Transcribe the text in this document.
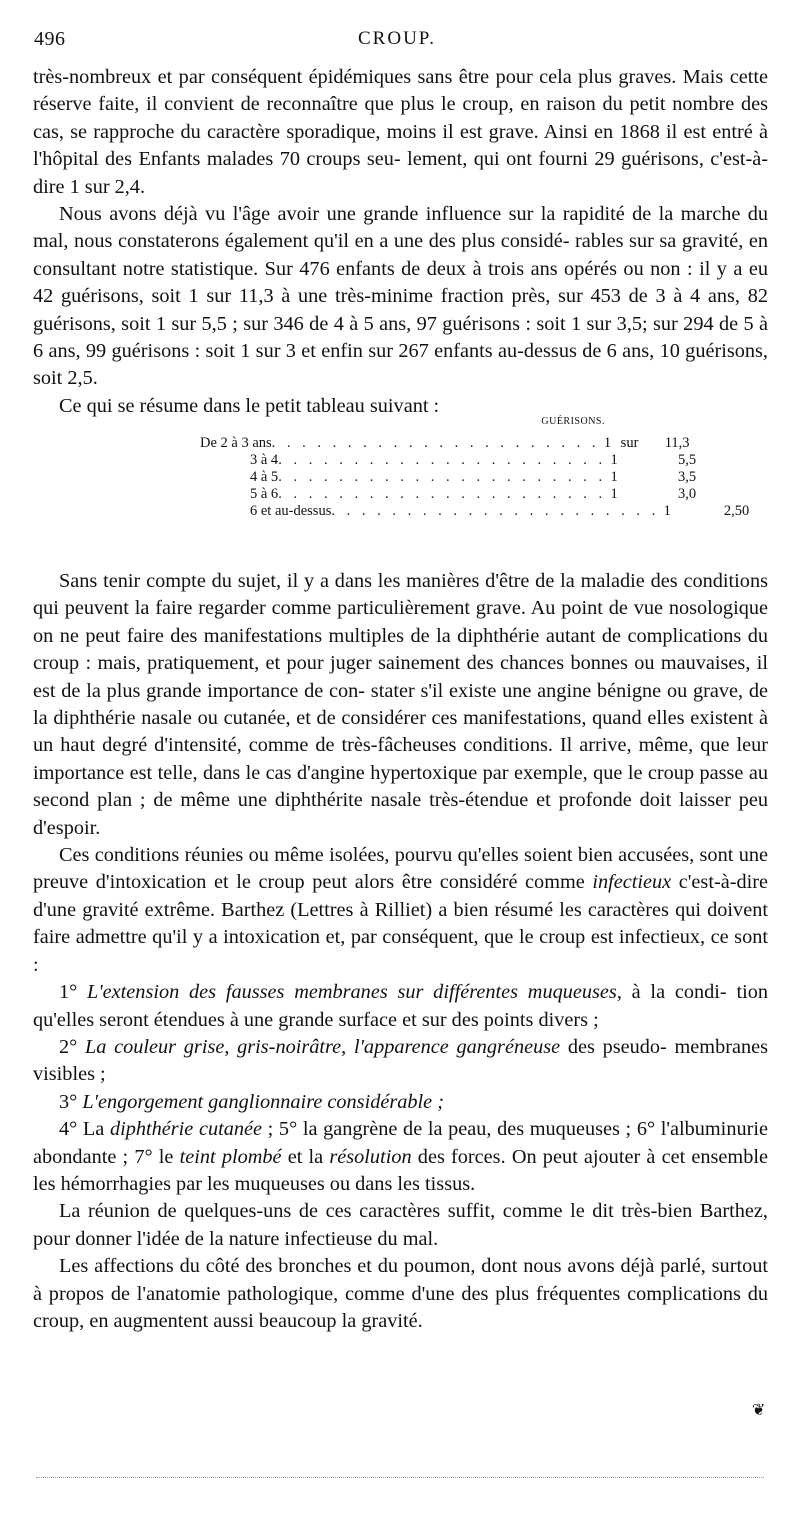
496	CROUP.

très-nombreux et par conséquent épidémiques sans être pour cela plus graves. Mais cette réserve faite, il convient de reconnaître que plus le croup, en raison du petit nombre des cas, se rapproche du caractère sporadique, moins il est grave. Ainsi en 1868 il est entré à l'hôpital des Enfants malades 70 croups seu- lement, qui ont fourni 29 guérisons, c'est-à-dire 1 sur 2,4.

Nous avons déjà vu l'âge avoir une grande influence sur la rapidité de la marche du mal, nous constaterons également qu'il en a une des plus considé- rables sur sa gravité, en consultant notre statistique. Sur 476 enfants de deux à trois ans opérés ou non : il y a eu 42 guérisons, soit 1 sur 11,3 à une très-minime fraction près, sur 453 de 3 à 4 ans, 82 guérisons, soit 1 sur 5,5 ; sur 346 de 4 à 5 ans, 97 guérisons : soit 1 sur 3,5; sur 294 de 5 à 6 ans, 99 guérisons : soit 1 sur 3 et enfin sur 267 enfants au-dessus de 6 ans, 10 guérisons, soit 2,5.

Ce qui se résume dans le petit tableau suivant :

GUÉRISONS.
De 2 à 3 ans . . . . . . . . . . . . . . . . . . . . . . 1 sur	11,3
3 à 4 . . . . . . . . . . . . . . . . . . . . . . 1	5,5
4 à 5 . . . . . . . . . . . . . . . . . . . . . . 1	3,5
5 à 6 . . . . . . . . . . . . . . . . . . . . . . 1	3,0
6 et au-dessus . . . . . . . . . . . . . . . . . . . . . . 1	2,50

Sans tenir compte du sujet, il y a dans les manières d'être de la maladie des conditions qui peuvent la faire regarder comme particulièrement grave. Au point de vue nosologique on ne peut faire des manifestations multiples de la diphthérie autant de complications du croup : mais, pratiquement, et pour juger sainement des chances bonnes ou mauvaises, il est de la plus grande importance de con- stater s'il existe une angine bénigne ou grave, de la diphthérie nasale ou cutanée, et de considérer ces manifestations, quand elles existent à un haut degré d'intensité, comme de très-fâcheuses conditions. Il arrive, même, que leur importance est telle, dans le cas d'angine hypertoxique par exemple, que le croup passe au second plan ; de même une diphthérite nasale très-étendue et profonde doit laisser peu d'espoir.

Ces conditions réunies ou même isolées, pourvu qu'elles soient bien accusées, sont une preuve d'intoxication et le croup peut alors être considéré comme infectieux c'est-à-dire d'une gravité extrême. Barthez (Lettres à Rilliet) a bien résumé les caractères qui doivent faire admettre qu'il y a intoxication et, par conséquent, que le croup est infectieux, ce sont :

1° L'extension des fausses membranes sur différentes muqueuses, à la condi- tion qu'elles seront étendues à une grande surface et sur des points divers ;

2° La couleur grise, gris-noirâtre, l'apparence gangréneuse des pseudo- membranes visibles ;

3° L'engorgement ganglionnaire considérable ;

4° La diphthérie cutanée ; 5° la gangrène de la peau, des muqueuses ; 6° l'albuminurie abondante ; 7° le teint plombé et la résolution des forces. On peut ajouter à cet ensemble les hémorrhagies par les muqueuses ou dans les tissus.

La réunion de quelques-uns de ces caractères suffit, comme le dit très-bien Barthez, pour donner l'idée de la nature infectieuse du mal.

Les affections du côté des bronches et du poumon, dont nous avons déjà parlé, surtout à propos de l'anatomie pathologique, comme d'une des plus fréquentes complications du croup, en augmentent aussi beaucoup la gravité.

❦
